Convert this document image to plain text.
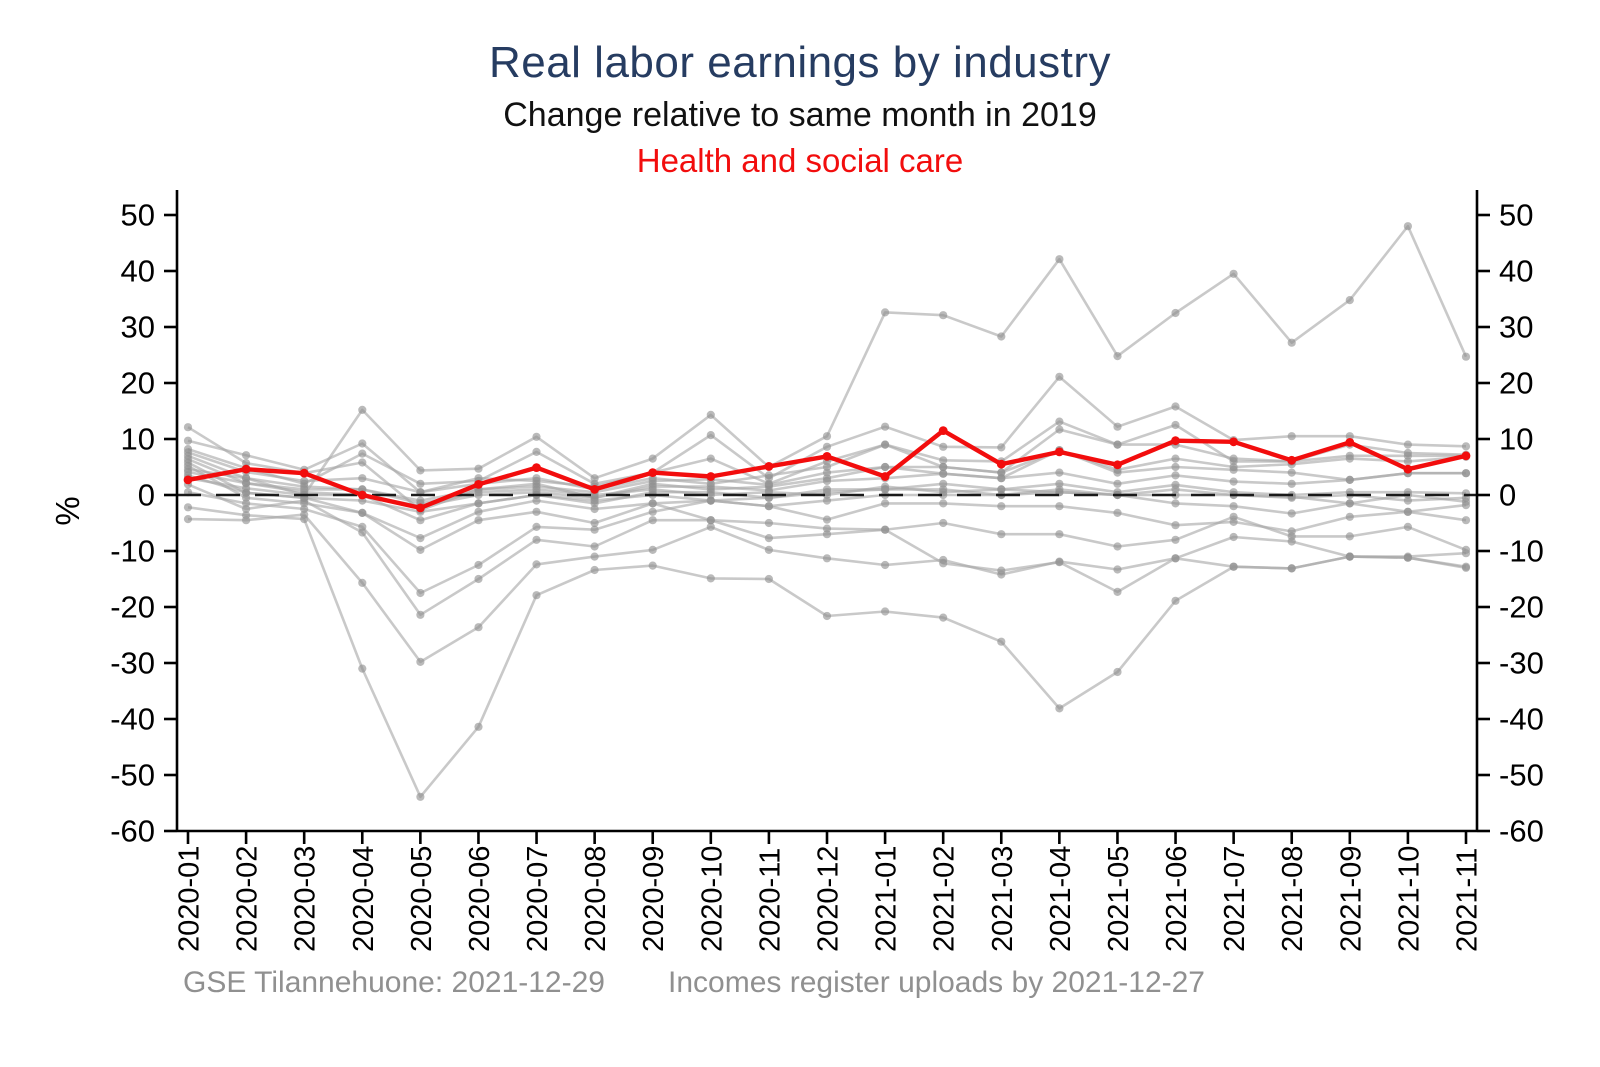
Real labor earnings by industry
Change relative to same month in 2019
Health and social care
%
50	50
40	40
30	30
20	20
10	10
0	0
-10	-10
-20	-20
-30	-30
-40	-40
-50	-50
-60	-60
2020-01 2020-02 2020-03 2020-04 2020-05 2020-06 2020-07 2020-08 2020-09 2020-10 2020-11 2020-12 2021-01 2021-02 2021-03 2021-04 2021-05 2021-06 2021-07 2021-08 2021-09 2021-10 2021-11
GSE Tilannehuone: 2021-12-29 Incomes register uploads by 2021-12-27
